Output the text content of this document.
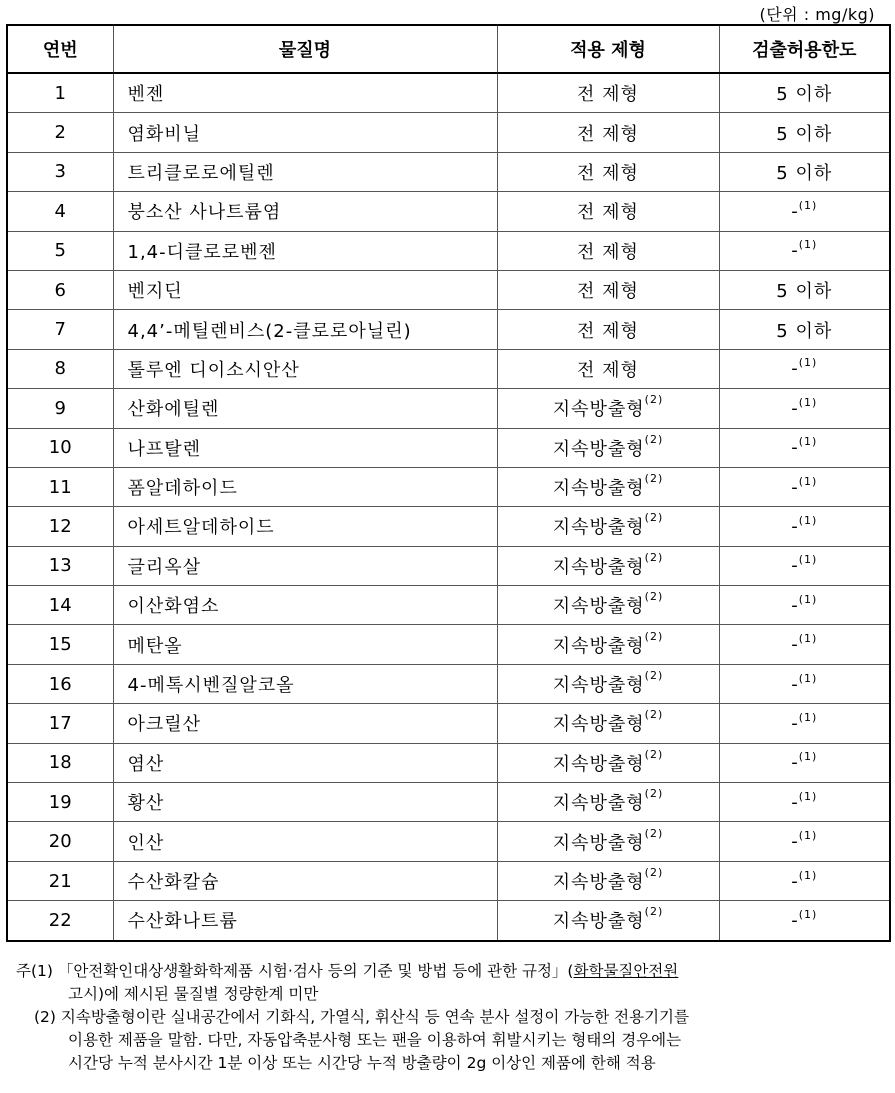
(단위 : mg/kg)
연번	물질명	적용 제형	검출허용한도
1	벤젠	전 제형	5 이하
2	염화비닐	전 제형	5 이하
3	트리클로로에틸렌	전 제형	5 이하
4	붕소산 사나트륨염	전 제형	-$^{(1)}$
5	1,4-디클로로벤젠	전 제형	-$^{(1)}$
6	벤지딘	전 제형	5 이하
7	4,4’-메틸렌비스(2-클로로아닐린)	전 제형	5 이하
8	톨루엔 디이소시안산	전 제형	-$^{(1)}$
9	산화에틸렌	지속방출형$^{(2)}$	-$^{(1)}$
10	나프탈렌	지속방출형$^{(2)}$	-$^{(1)}$
11	폼알데하이드	지속방출형$^{(2)}$	-$^{(1)}$
12	아세트알데하이드	지속방출형$^{(2)}$	-$^{(1)}$
13	글리옥살	지속방출형$^{(2)}$	-$^{(1)}$
14	이산화염소	지속방출형$^{(2)}$	-$^{(1)}$
15	메탄올	지속방출형$^{(2)}$	-$^{(1)}$
16	4-메톡시벤질알코올	지속방출형$^{(2)}$	-$^{(1)}$
17	아크릴산	지속방출형$^{(2)}$	-$^{(1)}$
18	염산	지속방출형$^{(2)}$	-$^{(1)}$
19	황산	지속방출형$^{(2)}$	-$^{(1)}$
20	인산	지속방출형$^{(2)}$	-$^{(1)}$
21	수산화칼슘	지속방출형$^{(2)}$	-$^{(1)}$
22	수산화나트륨	지속방출형$^{(2)}$	-$^{(1)}$
주(1) 「안전확인대상생활화학제품 시험·검사 등의 기준 및 방법 등에 관한 규정」(화학물질안전원
고시)에 제시된 물질별 정량한계 미만
(2) 지속방출형이란 실내공간에서 기화식, 가열식, 휘산식 등 연속 분사 설정이 가능한 전용기기를
이용한 제품을 말함. 다만, 자동압축분사형 또는 팬을 이용하여 휘발시키는 형태의 경우에는
시간당 누적 분사시간 1분 이상 또는 시간당 누적 방출량이 2g 이상인 제품에 한해 적용
